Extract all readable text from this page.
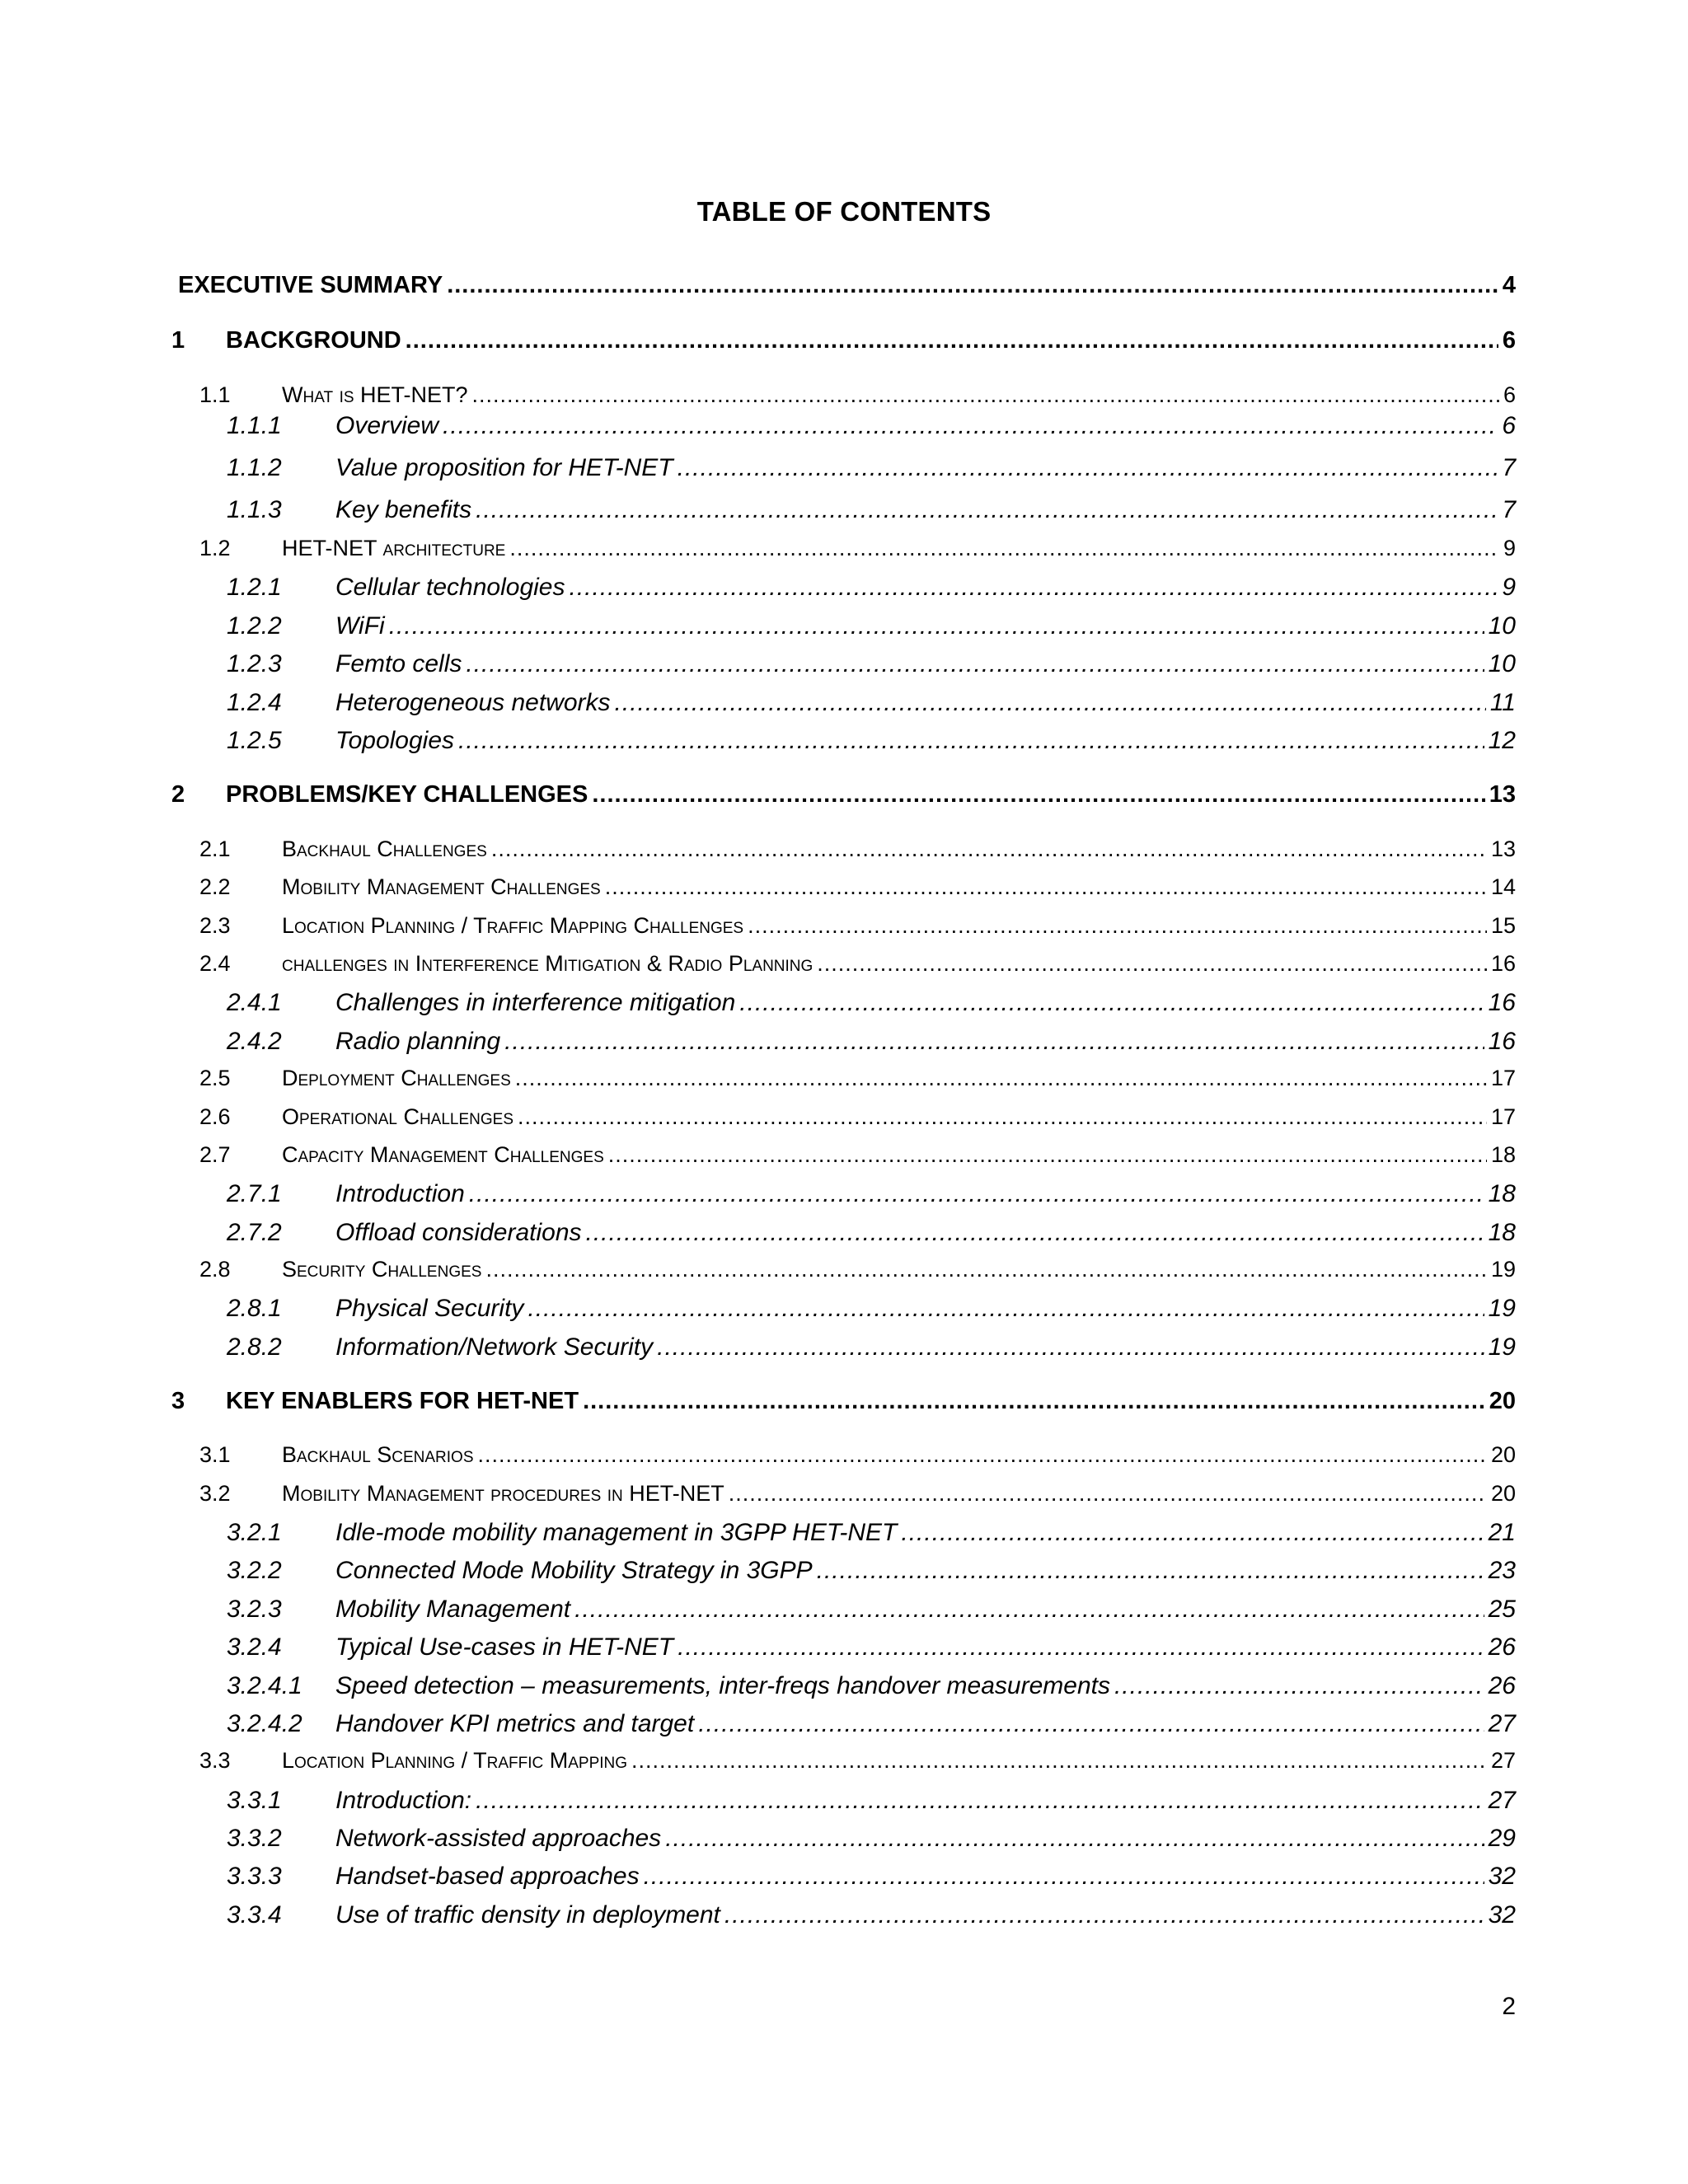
TABLE OF CONTENTS
EXECUTIVE SUMMARY .....	4
1	BACKGROUND .....	6
1.1	What is HET-NET? .....	6
1.1.1	Overview .....	6
1.1.2	Value proposition for HET-NET .....	7
1.1.3	Key benefits .....	7
1.2	HET-NET architecture .....	9
1.2.1	Cellular technologies .....	9
1.2.2	WiFi .....	10
1.2.3	Femto cells .....	10
1.2.4	Heterogeneous networks .....	11
1.2.5	Topologies .....	12
2	PROBLEMS/KEY CHALLENGES .....	13
2.1	Backhaul Challenges .....	13
2.2	Mobility Management Challenges .....	14
2.3	Location Planning / Traffic Mapping Challenges .....	15
2.4	challenges in Interference Mitigation & Radio Planning .....	16
2.4.1	Challenges in interference mitigation .....	16
2.4.2	Radio planning .....	16
2.5	Deployment Challenges .....	17
2.6	Operational Challenges .....	17
2.7	Capacity Management Challenges .....	18
2.7.1	Introduction .....	18
2.7.2	Offload considerations .....	18
2.8	Security Challenges .....	19
2.8.1	Physical Security .....	19
2.8.2	Information/Network Security .....	19
3	KEY ENABLERS FOR HET-NET .....	20
3.1	Backhaul Scenarios .....	20
3.2	Mobility Management procedures in HET-NET .....	20
3.2.1	Idle-mode mobility management in 3GPP HET-NET .....	21
3.2.2	Connected Mode Mobility Strategy in 3GPP .....	23
3.2.3	Mobility Management .....	25
3.2.4	Typical Use-cases in HET-NET .....	26
3.2.4.1	Speed detection – measurements, inter-freqs handover measurements .....	26
3.2.4.2	Handover KPI metrics and target .....	27
3.3	Location Planning / Traffic Mapping .....	27
3.3.1	Introduction: .....	27
3.3.2	Network-assisted approaches .....	29
3.3.3	Handset-based approaches .....	32
3.3.4	Use of traffic density in deployment .....	32
2
